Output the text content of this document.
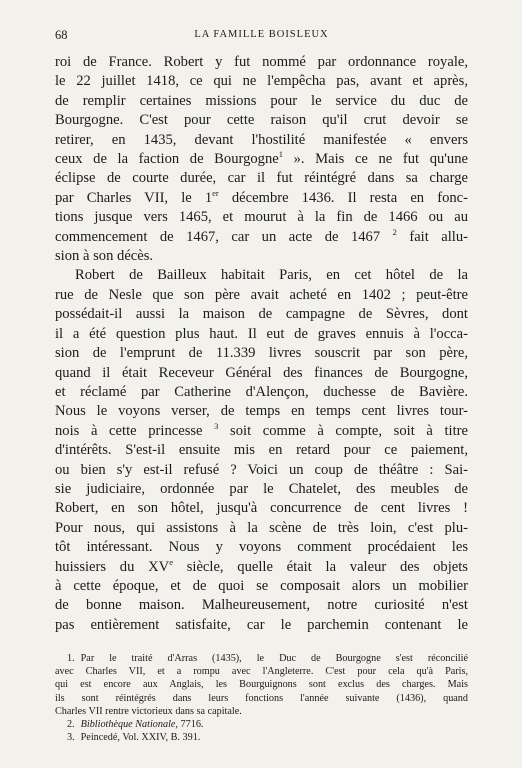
68	LA FAMILLE BOISLEUX
roi de France. Robert y fut nommé par ordonnance royale,
le 22 juillet 1418, ce qui ne l'empêcha pas, avant et après,
de remplir certaines missions pour le service du duc de
Bourgogne. C'est pour cette raison qu'il crut devoir se
retirer, en 1435, devant l'hostilité manifestée « envers
ceux de la faction de Bourgogne$^1$ ». Mais ce ne fut qu'une
éclipse de courte durée, car il fut réintégré dans sa charge
par Charles VII, le 1er décembre 1436. Il resta en fonc-
tions jusque vers 1465, et mourut à la fin de 1466 ou au
commencement de 1467, car un acte de 1467 $^2$ fait allu-
sion à son décès.
Robert de Bailleux habitait Paris, en cet hôtel de la
rue de Nesle que son père avait acheté en 1402 ; peut-être
possédait-il aussi la maison de campagne de Sèvres, dont
il a été question plus haut. Il eut de graves ennuis à l'occa-
sion de l'emprunt de 11.339 livres souscrit par son père,
quand il était Receveur Général des finances de Bourgogne,
et réclamé par Catherine d'Alençon, duchesse de Bavière.
Nous le voyons verser, de temps en temps cent livres tour-
nois à cette princesse $^3$ soit comme à compte, soit à titre
d'intérêts. S'est-il ensuite mis en retard pour ce paiement,
ou bien s'y est-il refusé ? Voici un coup de théâtre : Sai-
sie judiciaire, ordonnée par le Chatelet, des meubles de
Robert, en son hôtel, jusqu'à concurrence de cent livres !
Pour nous, qui assistons à la scène de très loin, c'est plu-
tôt intéressant. Nous y voyons comment procédaient les
huissiers du XVe siècle, quelle était la valeur des objets
à cette époque, et de quoi se composait alors un mobilier
de bonne maison. Malheureusement, notre curiosité n'est
pas entièrement satisfaite, car le parchemin contenant le
1. Par le traité d'Arras (1435), le Duc de Bourgogne s'est réconcilié
avec Charles VII, et a rompu avec l'Angleterre. C'est pour cela qu'à Paris,
qui est encore aux Anglais, les Bourguignons sont exclus des charges. Mais
ils sont réintégrés dans leurs fonctions l'année suivante (1436), quand
Charles VII rentre victorieux dans sa capitale.
2. Bibliothèque Nationale, 7716.
3. Peincedé, Vol. XXIV, B. 391.
